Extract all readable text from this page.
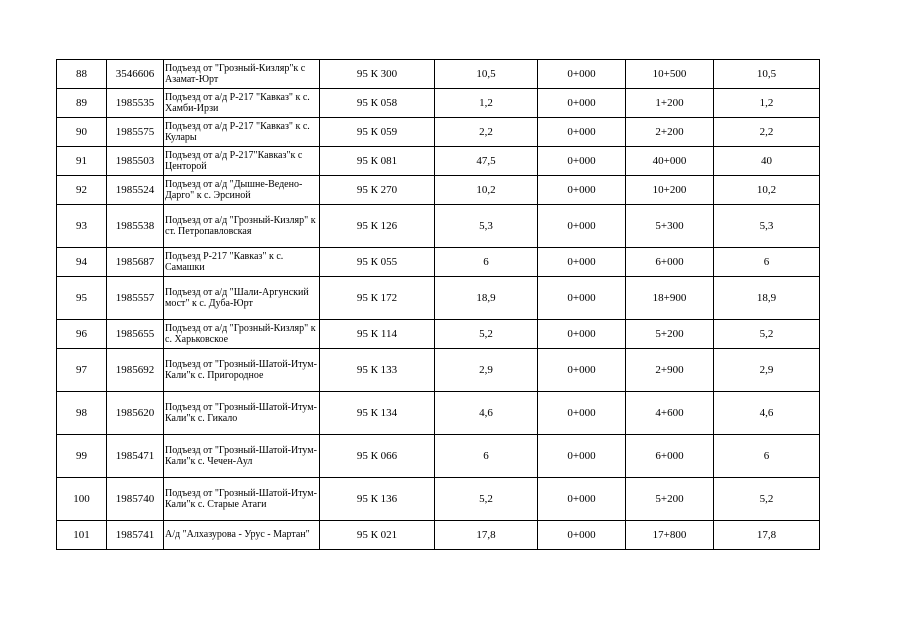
88	3546606	Подъезд от "Грозный-Кизляр"к с Азамат-Юрт	95 К 300	10,5	0+000	10+500	10,5
89	1985535	Подъезд от а/д Р-217 "Кавказ" к с. Хамби-Ирзи	95 К 058	1,2	0+000	1+200	1,2
90	1985575	Подъезд от а/д Р-217 "Кавказ" к с. Кулары	95 К 059	2,2	0+000	2+200	2,2
91	1985503	Подъезд от а/д Р-217"Кавказ"к с Центорой	95 К 081	47,5	0+000	40+000	40
92	1985524	Подъезд от а/д "Дышне-Ведено-Дарго" к с. Эрсиной	95 К 270	10,2	0+000	10+200	10,2
93	1985538	Подъезд от а/д "Грозный-Кизляр" к ст. Петропавловская	95 К 126	5,3	0+000	5+300	5,3
94	1985687	Подъезд Р-217 "Кавказ" к с. Самашки	95 К 055	6	0+000	6+000	6
95	1985557	Подъезд от а/д "Шали-Аргунский мост" к с. Дуба-Юрт	95 К 172	18,9	0+000	18+900	18,9
96	1985655	Подъезд от а/д "Грозный-Кизляр" к с. Харьковское	95 К 114	5,2	0+000	5+200	5,2
97	1985692	Подъезд от "Грозный-Шатой-Итум-Кали"к с. Пригородное	95 К 133	2,9	0+000	2+900	2,9
98	1985620	Подъезд от "Грозный-Шатой-Итум-Кали"к с. Гикало	95 К 134	4,6	0+000	4+600	4,6
99	1985471	Подъезд от "Грозный-Шатой-Итум-Кали"к с. Чечен-Аул	95 К 066	6	0+000	6+000	6
100	1985740	Подъезд от "Грозный-Шатой-Итум-Кали"к с. Старые Атаги	95 К 136	5,2	0+000	5+200	5,2
101	1985741	А/д "Алхазурова - Урус - Мартан"	95 К 021	17,8	0+000	17+800	17,8
